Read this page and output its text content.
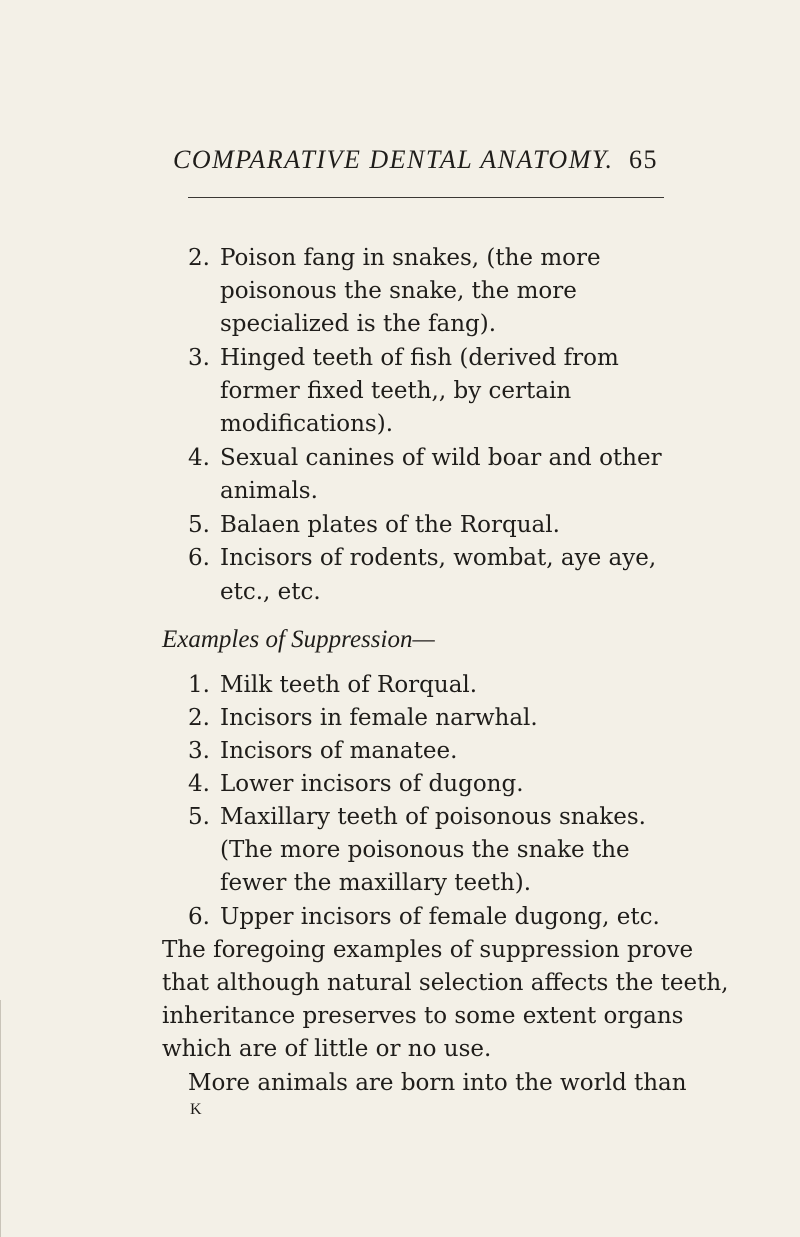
COMPARATIVE DENTAL ANATOMY. 65
2. Poison fang in snakes, (the more
poisonous the snake, the more
specialized is the fang).
3. Hinged teeth of fish (derived from
former fixed teeth,, by certain
modifications).
4. Sexual canines of wild boar and other
animals.
5. Balaen plates of the Rorqual.
6. Incisors of rodents, wombat, aye aye,
etc., etc.
Examples of Suppression—
1. Milk teeth of Rorqual.
2. Incisors in female narwhal.
3. Incisors of manatee.
4. Lower incisors of dugong.
5. Maxillary teeth of poisonous snakes.
(The more poisonous the snake the
fewer the maxillary teeth).
6. Upper incisors of female dugong, etc.
The foregoing examples of suppression prove
that although natural selection affects the teeth,
inheritance preserves to some extent organs
which are of little or no use.
More animals are born into the world than
K
